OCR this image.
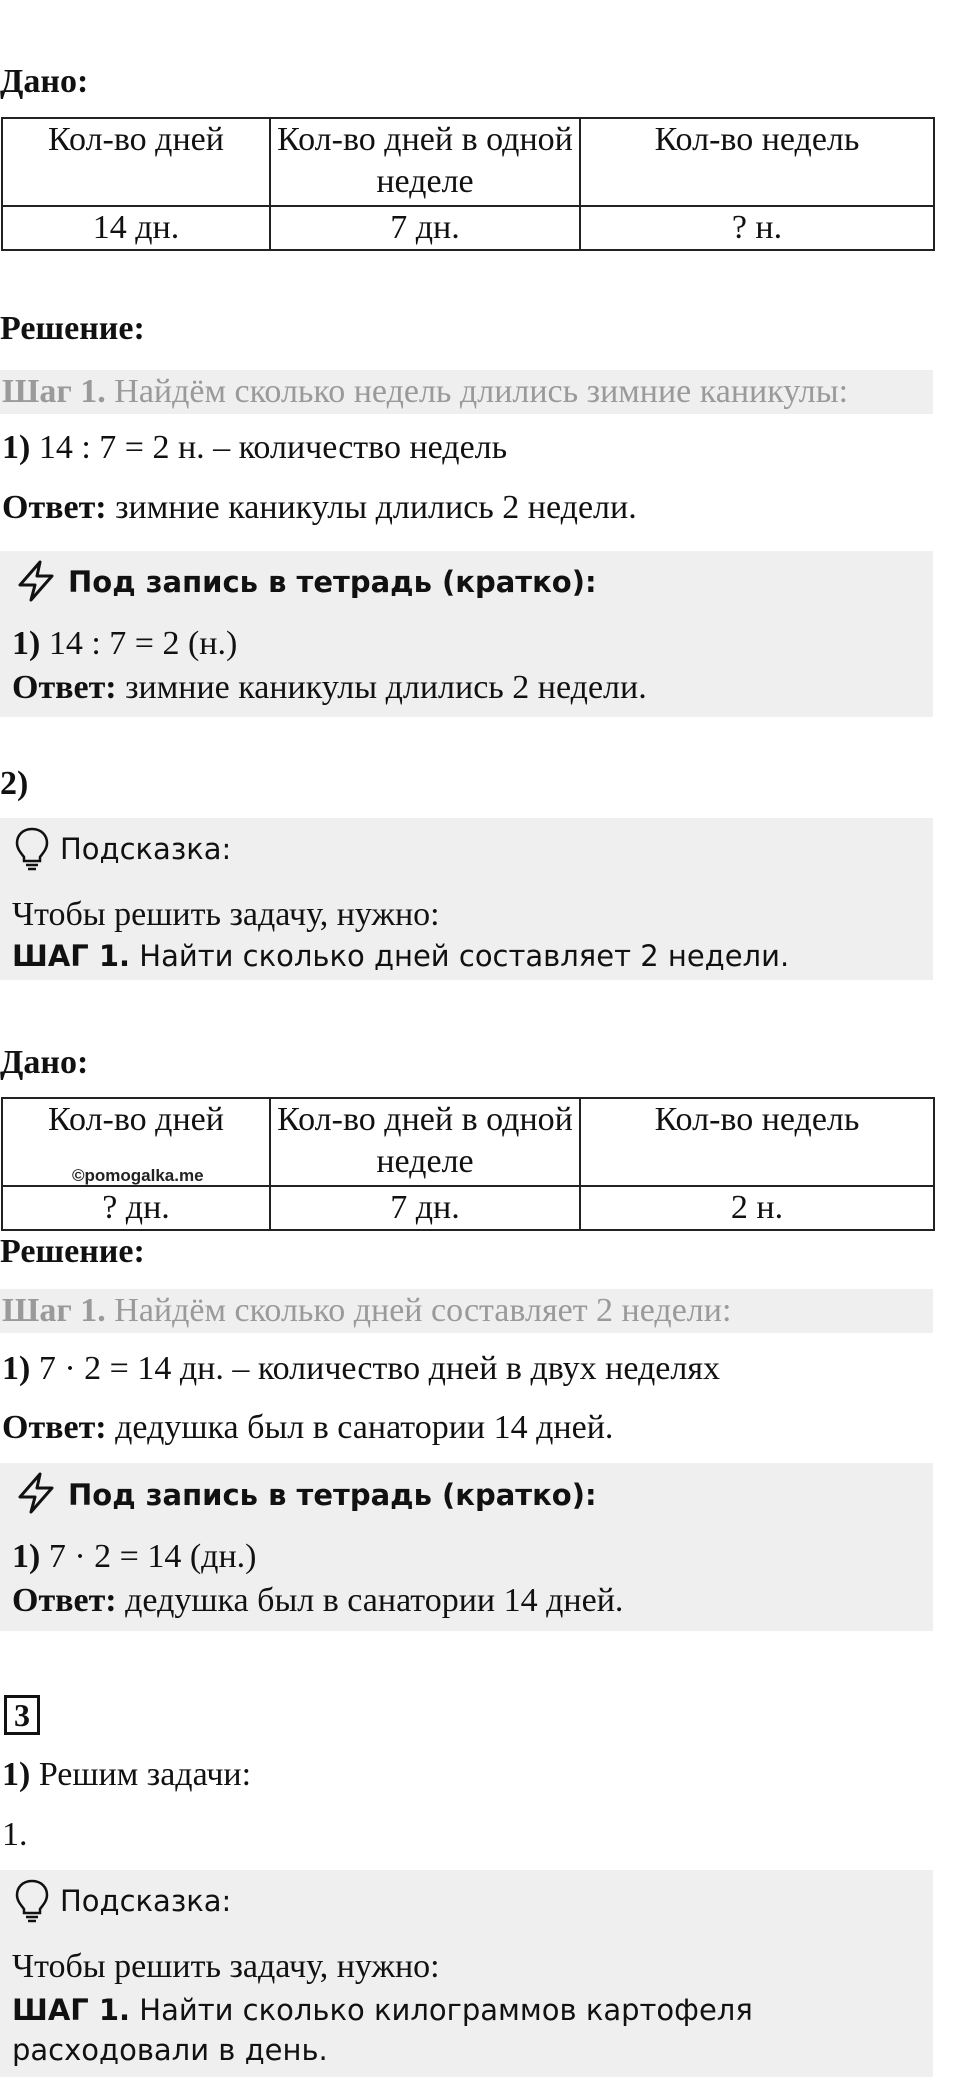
Дано:
Кол-во дней	Кол-во дней в одной неделе	Кол-во недель
14 дн.	7 дн.	? н.
Решение:
Шаг 1. Найдём сколько недель длились зимние каникулы:
1) 14 : 7 = 2 н. – количество недель
Ответ: зимние каникулы длились 2 недели.
Под запись в тетрадь (кратко):
1) 14 : 7 = 2 (н.)
Ответ: зимние каникулы длились 2 недели.
2)
Подсказка:
Чтобы решить задачу, нужно:
ШАГ 1. Найти сколько дней составляет 2 недели.
Дано:
Кол-во дней	Кол-во дней в одной неделе	Кол-во недель
? дн.	7 дн.	2 н.
©pomogalka.me
Решение:
Шаг 1. Найдём сколько дней составляет 2 недели:
1) 7 · 2 = 14 дн. – количество дней в двух неделях
Ответ: дедушка был в санатории 14 дней.
Под запись в тетрадь (кратко):
1) 7 · 2 = 14 (дн.)
Ответ: дедушка был в санатории 14 дней.
3
1) Решим задачи:
1.
Подсказка:
Чтобы решить задачу, нужно:
ШАГ 1. Найти сколько килограммов картофеля расходовали в день.
